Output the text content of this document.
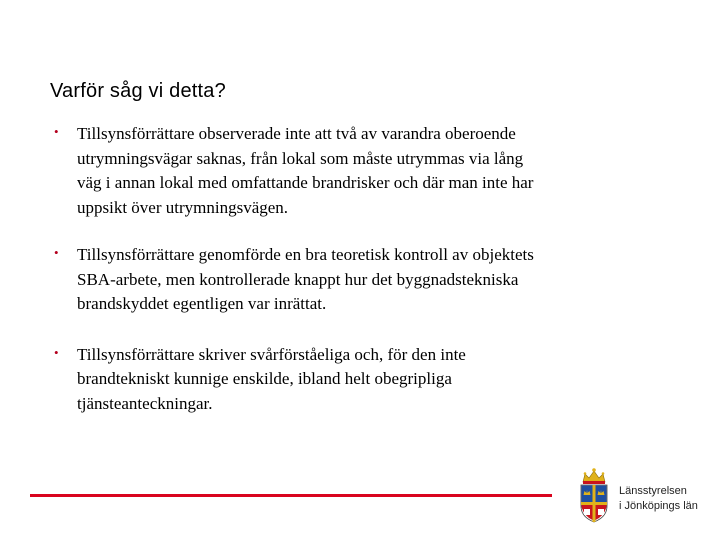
Varför såg vi detta?
• Tillsynsförrättare observerade inte att två av varandra oberoende utrymningsvägar saknas, från lokal som måste utrymmas via lång väg i annan lokal med omfattande brandrisker och där man inte har uppsikt över utrymningsvägen.
• Tillsynsförrättare genomförde en bra teoretisk kontroll av objektets SBA-arbete, men kontrollerade knappt hur det byggnadstekniska brandskyddet egentligen var inrättat.
• Tillsynsförrättare skriver svårförståeliga och, för den inte brandtekniskt kunnige enskilde, ibland helt obegripliga tjänsteanteckningar.
Länsstyrelsen
i Jönköpings län
